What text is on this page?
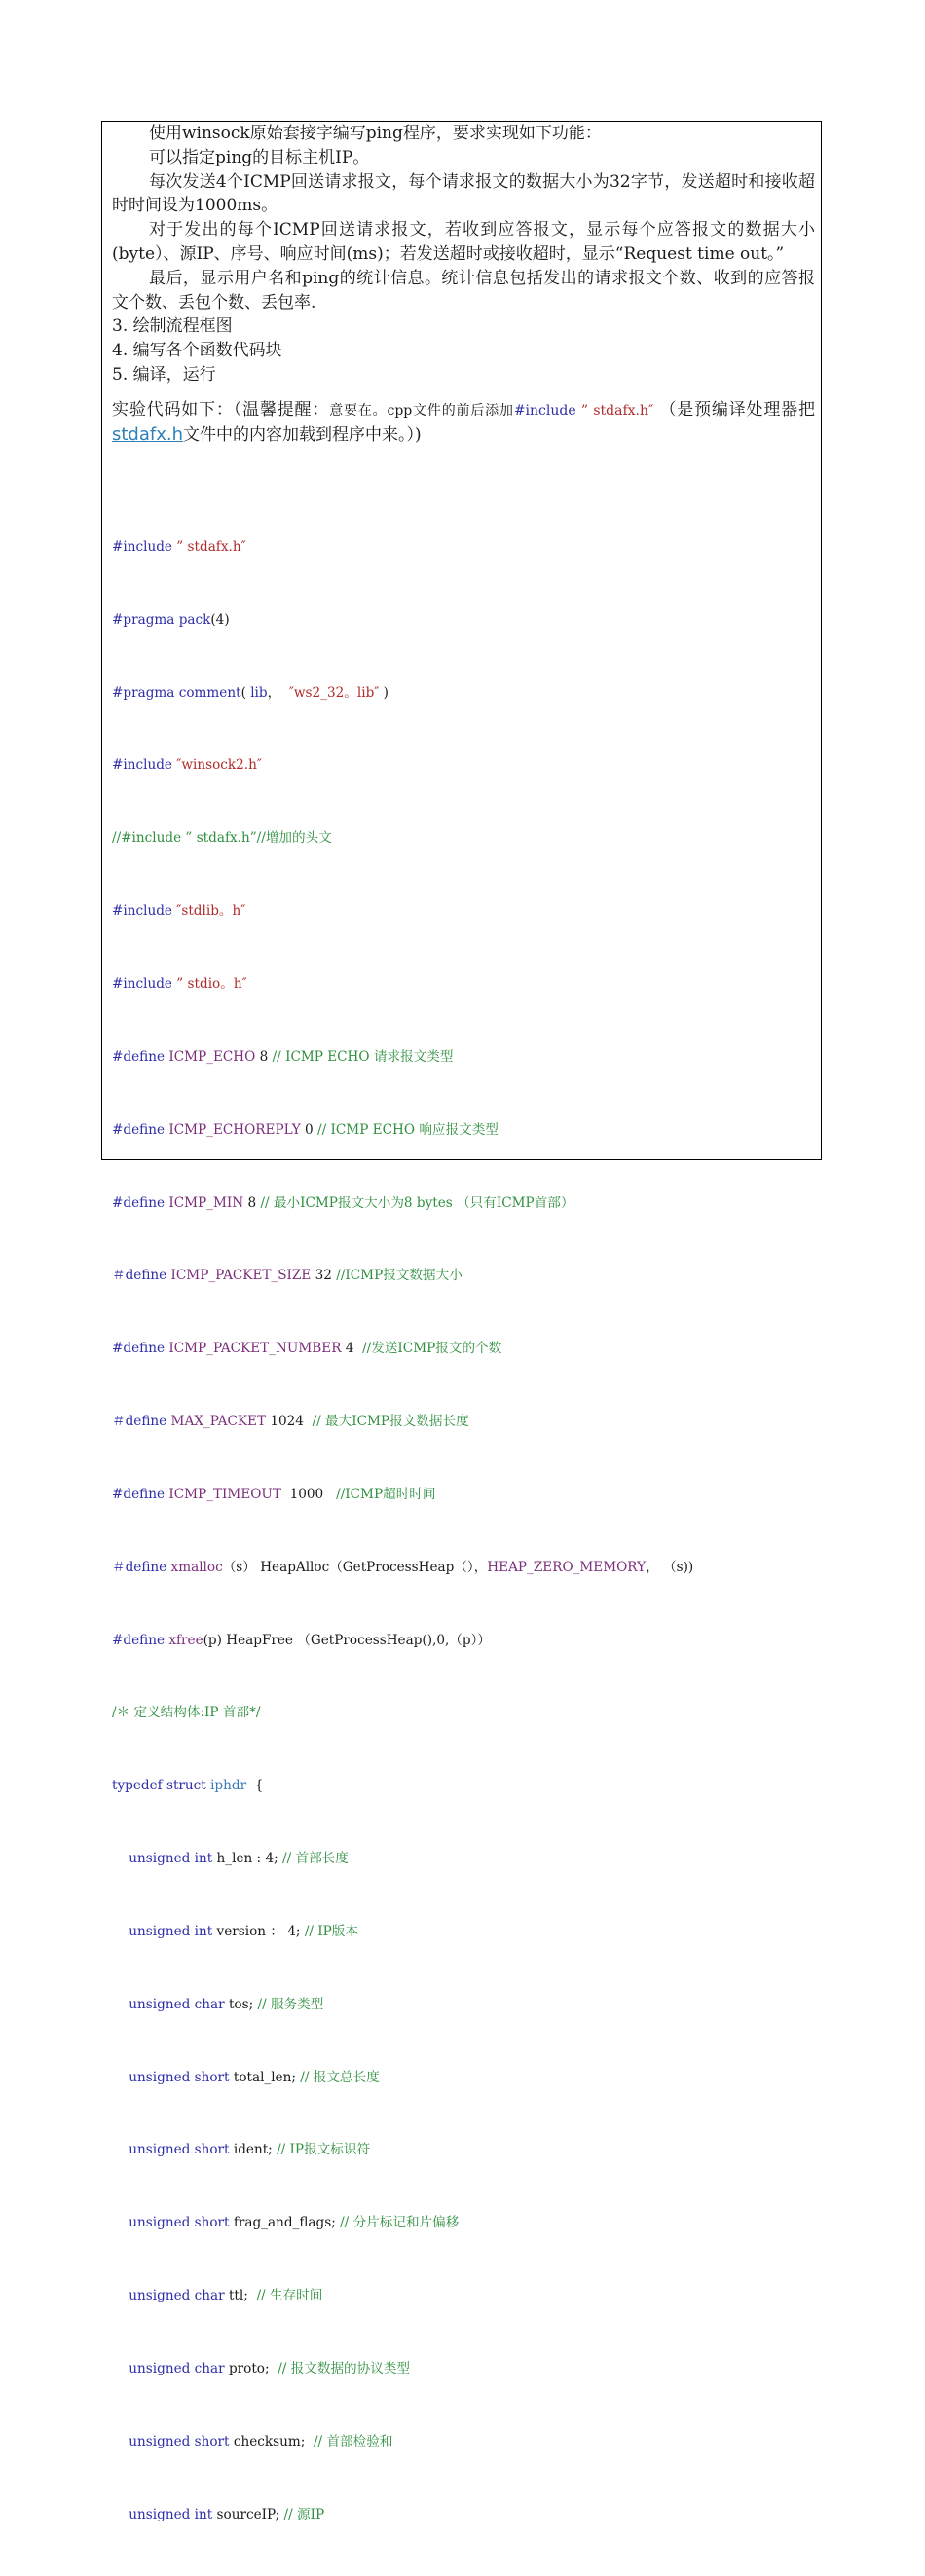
使用winsock原始套接字编写ping程序，要求实现如下功能：

可以指定ping的目标主机IP。

每次发送4个ICMP回送请求报文，每个请求报文的数据大小为32字节，发送超时和接收超时时间设为1000ms。

对于发出的每个ICMP回送请求报文，若收到应答报文，显示每个应答报文的数据大小(byte）、源IP、序号、响应时间(ms)；若发送超时或接收超时，显示“Request time out。”

最后，显示用户名和ping的统计信息。统计信息包括发出的请求报文个数、收到的应答报文个数、丢包个数、丢包率.

3. 绘制流程框图

4. 编写各个函数代码块

5. 编译，运行

实验代码如下：（温馨提醒：意要在。cpp文件的前后添加#include ” stdafx.h″ （是预编译处理器把stdafx.h文件中的内容加载到程序中来。）)

#include ” stdafx.h″

#pragma pack(4)

#pragma comment( lib，  ″ws2_32。lib″ )

#include ″winsock2.h″

//#include ” stdafx.h”//增加的头文

#include ″stdlib。h″

#include ” stdio。h″

#define ICMP_ECHO 8 // ICMP ECHO 请求报文类型

#define ICMP_ECHOREPLY 0 // ICMP ECHO 响应报文类型

#define ICMP_MIN 8 // 最小ICMP报文大小为8 bytes （只有ICMP首部）

＃define ICMP_PACKET_SIZE 32 //ICMP报文数据大小

#define ICMP_PACKET_NUMBER 4  //发送ICMP报文的个数

＃define MAX_PACKET 1024  // 最大ICMP报文数据长度

#define ICMP_TIMEOUT  1000   //ICMP超时时间

＃define xmalloc（s） HeapAlloc（GetProcessHeap（），HEAP_ZERO_MEMORY， （s))

#define xfree(p) HeapFree （GetProcessHeap(),0,（p））

/＊ 定义结构体:IP 首部*/

typedef struct iphdr  {

unsigned int h_len : 4; // 首部长度

unsigned int version ： 4; // IP版本

unsigned char tos; // 服务类型

unsigned short total_len; // 报文总长度

unsigned short ident; // IP报文标识符

unsigned short frag_and_flags; // 分片标记和片偏移

unsigned char ttl;  // 生存时间

unsigned char proto;  // 报文数据的协议类型

unsigned short checksum;  // 首部检验和

unsigned int sourceIP; // 源IP
